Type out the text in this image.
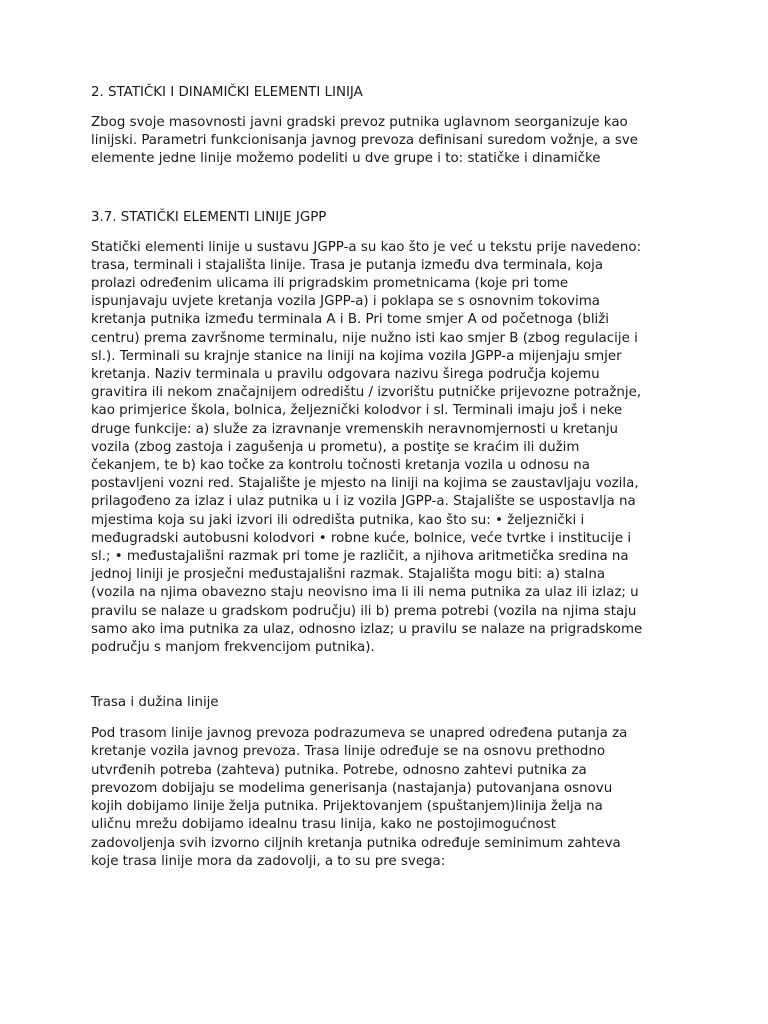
2. STATIČKI I DINAMIČKI ELEMENTI LINIJA

Zbog svoje masovnosti javni gradski prevoz putnika uglavnom seorganizuje kao
linijski. Parametri funkcionisanja javnog prevoza definisani suredom vožnje, a sve
elemente jedne linije možemo podeliti u dve grupe i to: statičke i dinamičke

3.7. STATIČKI ELEMENTI LINIJE JGPP

Statički elementi linije u sustavu JGPP-a su kao što je već u tekstu prije navedeno:
trasa, terminali i stajališta linije. Trasa je putanja između dva terminala, koja
prolazi određenim ulicama ili prigradskim prometnicama (koje pri tome
ispunjavaju uvjete kretanja vozila JGPP-a) i poklapa se s osnovnim tokovima
kretanja putnika između terminala A i B. Pri tome smjer A od početnoga (bliži
centru) prema završnome terminalu, nije nužno isti kao smjer B (zbog regulacije i
sl.). Terminali su krajnje stanice na liniji na kojima vozila JGPP-a mijenjaju smjer
kretanja. Naziv terminala u pravilu odgovara nazivu širega područja kojemu
gravitira ili nekom značajnijem odredištu / izvorištu putničke prijevozne potražnje,
kao primjerice škola, bolnica, željeznički kolodvor i sl. Terminali imaju još i neke
druge funkcije: a) služe za izravnanje vremenskih neravnomjernosti u kretanju
vozila (zbog zastoja i zagušenja u prometu), a postiţe se kraćim ili dužim
čekanjem, te b) kao točke za kontrolu točnosti kretanja vozila u odnosu na
postavljeni vozni red. Stajalište je mjesto na liniji na kojima se zaustavljaju vozila,
prilagođeno za izlaz i ulaz putnika u i iz vozila JGPP-a. Stajalište se uspostavlja na
mjestima koja su jaki izvori ili odredišta putnika, kao što su: • željeznički i
međugradski autobusni kolodvori • robne kuće, bolnice, veće tvrtke i institucije i
sl.; • međustajališni razmak pri tome je različit, a njihova aritmetička sredina na
jednoj liniji je prosječni međustajališni razmak. Stajališta mogu biti: a) stalna
(vozila na njima obavezno staju neovisno ima li ili nema putnika za ulaz ili izlaz; u
pravilu se nalaze u gradskom području) ili b) prema potrebi (vozila na njima staju
samo ako ima putnika za ulaz, odnosno izlaz; u pravilu se nalaze na prigradskome
području s manjom frekvencijom putnika).

Trasa i dužina linije

Pod trasom linije javnog prevoza podrazumeva se unapred određena putanja za
kretanje vozila javnog prevoza. Trasa linije određuje se na osnovu prethodno
utvrđenih potreba (zahteva) putnika. Potrebe, odnosno zahtevi putnika za
prevozom dobijaju se modelima generisanja (nastajanja) putovanjana osnovu
kojih dobijamo linije želja putnika. Prijektovanjem (spuštanjem)linija želja na
uličnu mrežu dobijamo idealnu trasu linija, kako ne postojimogućnost
zadovoljenja svih izvorno ciljnih kretanja putnika određuje seminimum zahteva
koje trasa linije mora da zadovolji, a to su pre svega:
